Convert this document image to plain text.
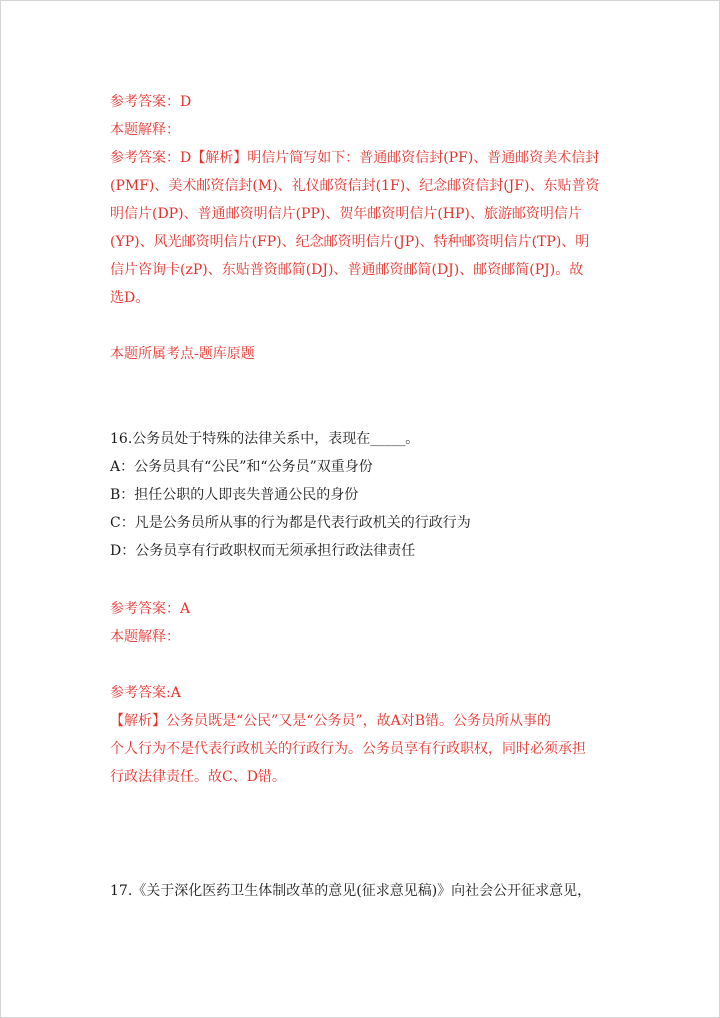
参考答案：D
本题解释：
参考答案：D【解析】明信片简写如下：普通邮资信封(PF)、普通邮资美术信封
(PMF)、美术邮资信封(M)、礼仪邮资信封(1F)、纪念邮资信封(JF)、东贴普资
明信片(DP)、普通邮资明信片(PP)、贺年邮资明信片(HP)、旅游邮资明信片
(YP)、风光邮资明信片(FP)、纪念邮资明信片(JP)、特种邮资明信片(TP)、明
信片咨询卡(zP)、东贴普资邮简(DJ)、普通邮资邮简(DJ)、邮资邮简(PJ)。故
选D。
本题所属考点-题库原题
16.公务员处于特殊的法律关系中，表现在_____。
A：公务员具有“公民”和“公务员”双重身份
B：担任公职的人即丧失普通公民的身份
C：凡是公务员所从事的行为都是代表行政机关的行政行为
D：公务员享有行政职权而无须承担行政法律责任
参考答案：A
本题解释：
参考答案:A
【解析】公务员既是“公民”又是“公务员”，故A对B错。公务员所从事的
个人行为不是代表行政机关的行政行为。公务员享有行政职权，同时必须承担
行政法律责任。故C、D错。
17.《关于深化医药卫生体制改革的意见(征求意见稿)》向社会公开征求意见，
